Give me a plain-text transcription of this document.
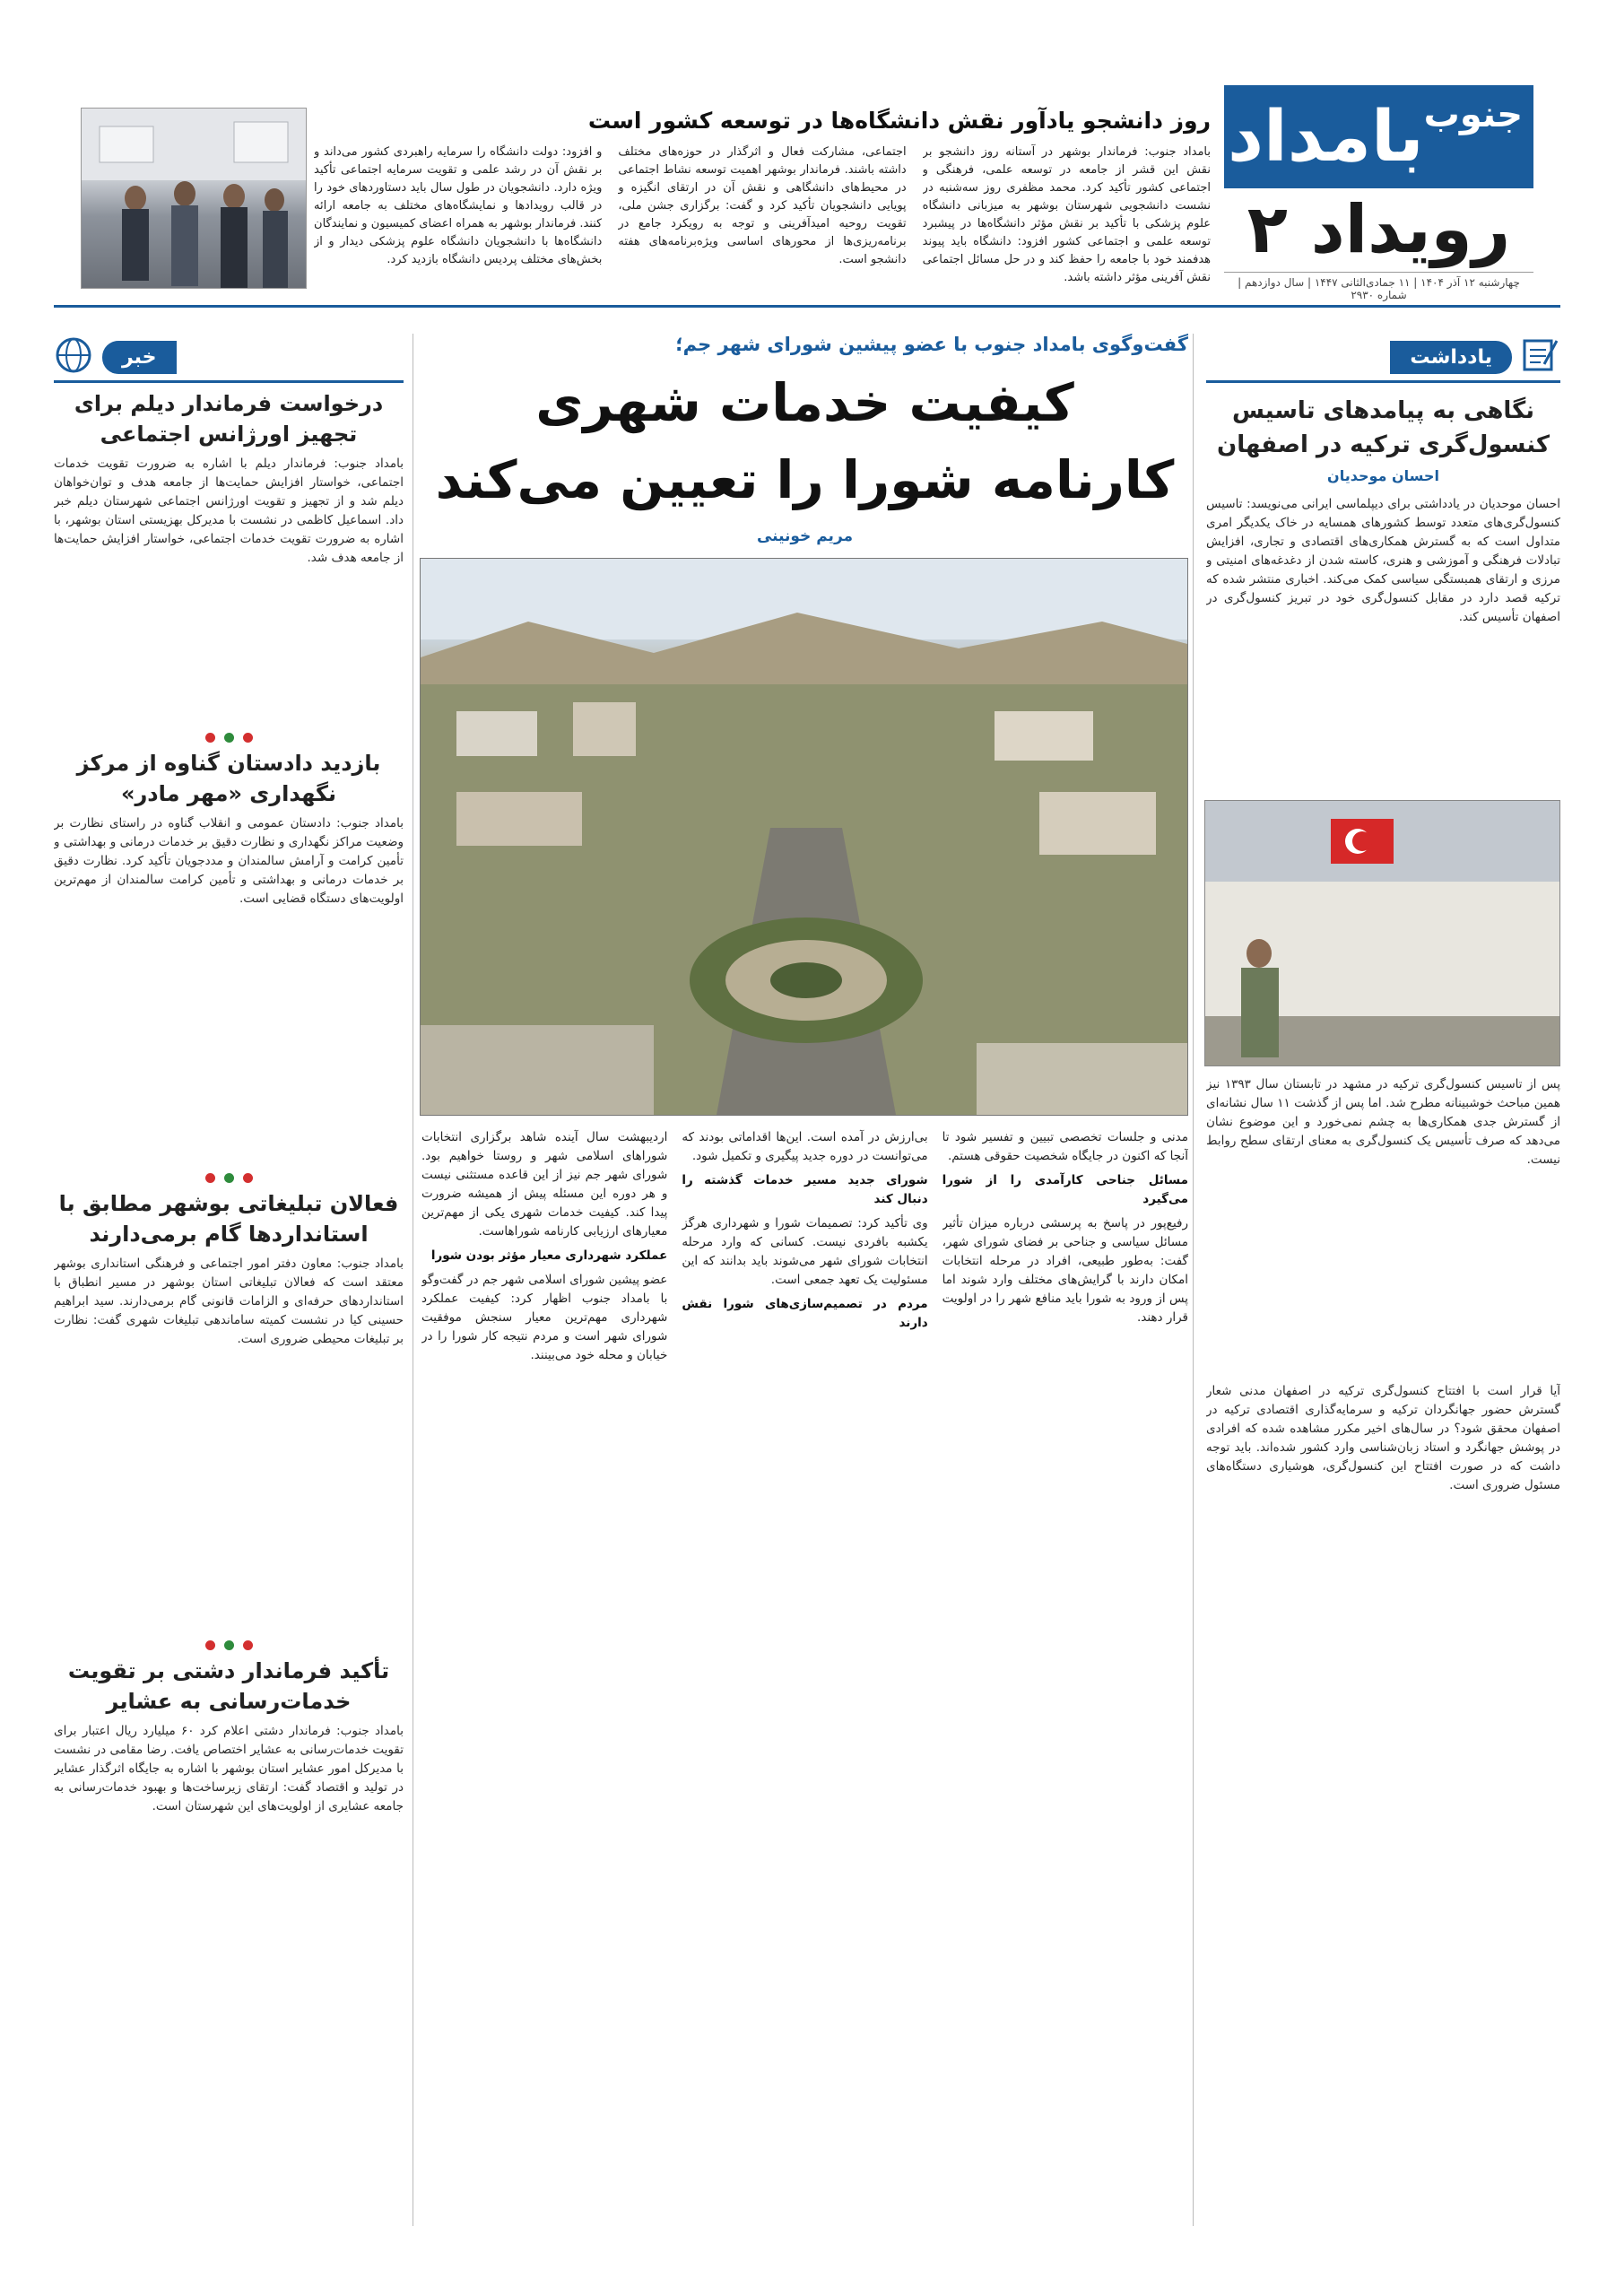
جنوب
بامداد
رویداد ۲
چهارشنبه ۱۲ آذر ۱۴۰۴ | ۱۱ جمادی‌الثانی ۱۴۴۷ | سال دوازدهم | شماره ۲۹۳۰
روز دانشجو یادآور نقش دانشگاه‌ها در توسعه کشور است
بامداد جنوب: فرماندار بوشهر در آستانه روز دانشجو بر نقش این قشر از جامعه در توسعه علمی، فرهنگی و اجتماعی کشور تأکید کرد. محمد مظفری روز سه‌شنبه در نشست دانشجویی شهرستان بوشهر به میزبانی دانشگاه علوم پزشکی با تأکید بر نقش مؤثر دانشگاه‌ها در پیشبرد توسعه علمی و اجتماعی کشور افزود: دانشگاه باید پیوند هدفمند خود با جامعه را حفظ کند و در حل مسائل اجتماعی نقش آفرینی مؤثر داشته باشد.
اجتماعی، مشارکت فعال و اثرگذار در حوزه‌های مختلف داشته باشند. فرماندار بوشهر اهمیت توسعه نشاط اجتماعی در محیط‌های دانشگاهی و نقش آن در ارتقای انگیزه و پویایی دانشجویان تأکید کرد و گفت: برگزاری جشن ملی، تقویت روحیه امیدآفرینی و توجه به رویکرد جامع در برنامه‌ریزی‌ها از محورهای اساسی ویژه‌برنامه‌های هفته دانشجو است.
و افزود: دولت دانشگاه را سرمایه راهبردی کشور می‌داند و بر نقش آن در رشد علمی و تقویت سرمایه اجتماعی تأکید ویژه دارد. دانشجویان در طول سال باید دستاوردهای خود را در قالب رویدادها و نمایشگاه‌های مختلف به جامعه ارائه کنند. فرماندار بوشهر به همراه اعضای کمیسیون و نمایندگان دانشگاه‌ها با دانشجویان دانشگاه علوم پزشکی دیدار و از بخش‌های مختلف پردیس دانشگاه بازدید کرد.
یادداشت
نگاهی به پیامدهای تاسیس کنسول‌گری ترکیه در اصفهان
احسان موحدیان
احسان موحدیان در یادداشتی برای دیپلماسی ایرانی می‌نویسد: تاسیس کنسول‌گری‌های متعدد توسط کشورهای همسایه در خاک یکدیگر امری متداول است که به گسترش همکاری‌های اقتصادی و تجاری، افزایش تبادلات فرهنگی و آموزشی و هنری، کاسته شدن از دغدغه‌های امنیتی و مرزی و ارتقای همبستگی سیاسی کمک می‌کند. اخباری منتشر شده که ترکیه قصد دارد در مقابل کنسول‌گری خود در تبریز کنسول‌گری در اصفهان تأسیس کند.
پس از تاسیس کنسول‌گری ترکیه در مشهد در تابستان سال ۱۳۹۳ نیز همین مباحث خوشبینانه مطرح شد. اما پس از گذشت ۱۱ سال نشانه‌ای از گسترش جدی همکاری‌ها به چشم نمی‌خورد و این موضوع نشان می‌دهد که صرف تأسیس یک کنسول‌گری به معنای ارتقای سطح روابط نیست.
آیا قرار است با افتتاح کنسول‌گری ترکیه در اصفهان مدنی شعار گسترش حضور جهانگردان ترکیه و سرمایه‌گذاری اقتصادی ترکیه در اصفهان محقق شود؟ در سال‌های اخیر مکرر مشاهده شده که افرادی در پوشش جهانگرد و استاد زبان‌شناسی وارد کشور شده‌اند. باید توجه داشت که در صورت افتتاح این کنسول‌گری، هوشیاری دستگاه‌های مسئول ضروری است.
گفت‌وگوی بامداد جنوب با عضو پیشین شورای شهر جم؛
کیفیت خدمات شهری
کارنامه شورا را تعیین می‌کند
مریم خونینی
مدنی و جلسات تخصصی تبیین و تفسیر شود تا آنجا که اکنون در جایگاه شخصیت حقوقی هستم.
مسائل جناحی کارآمدی را از شورا می‌گیرد
رفیع‌پور در پاسخ به پرسشی درباره میزان تأثیر مسائل سیاسی و جناحی بر فضای شورای شهر، گفت: به‌طور طبیعی، افراد در مرحله انتخابات امکان دارند با گرایش‌های مختلف وارد شوند اما پس از ورود به شورا باید منافع شهر را در اولویت قرار دهند.
بی‌ارزش در آمده است. این‌ها اقداماتی بودند که می‌توانست در دوره جدید پیگیری و تکمیل شود.
شورای جدید مسیر خدمات گذشته را دنبال کند
وی تأکید کرد: تصمیمات شورا و شهرداری هرگز یکشبه بافردی نیست. کسانی که وارد مرحله انتخابات شورای شهر می‌شوند باید بدانند که این مسئولیت یک تعهد جمعی است.
مردم در تصمیم‌سازی‌های شورا نقش دارند
اردیبهشت سال آینده شاهد برگزاری انتخابات شوراهای اسلامی شهر و روستا خواهیم بود. شورای شهر جم نیز از این قاعده مستثنی نیست و هر دوره این مسئله پیش از همیشه ضرورت پیدا کند. کیفیت خدمات شهری یکی از مهم‌ترین معیارهای ارزیابی کارنامه شوراهاست.
عملکرد شهرداری معیار مؤثر بودن شورا
عضو پیشین شورای اسلامی شهر جم در گفت‌وگو با بامداد جنوب اظهار کرد: کیفیت عملکرد شهرداری مهم‌ترین معیار سنجش موفقیت شورای شهر است و مردم نتیجه کار شورا را در خیابان و محله خود می‌بینند.
خبر
درخواست فرماندار دیلم برای تجهیز اورژانس اجتماعی
بامداد جنوب: فرماندار دیلم با اشاره به ضرورت تقویت خدمات اجتماعی، خواستار افزایش حمایت‌ها از جامعه هدف و توان‌خواهان دیلم شد و از تجهیز و تقویت اورژانس اجتماعی شهرستان دیلم خبر داد. اسماعیل کاظمی در نشست با مدیرکل بهزیستی استان بوشهر، با اشاره به ضرورت تقویت خدمات اجتماعی، خواستار افزایش حمایت‌ها از جامعه هدف شد.
بازدید دادستان گناوه از مرکز نگهداری «مهر مادر»
بامداد جنوب: دادستان عمومی و انقلاب گناوه در راستای نظارت بر وضعیت مراکز نگهداری و نظارت دقیق بر خدمات درمانی و بهداشتی و تأمین کرامت و آرامش سالمندان و مددجویان تأکید کرد. نظارت دقیق بر خدمات درمانی و بهداشتی و تأمین کرامت سالمندان از مهم‌ترین اولویت‌های دستگاه قضایی است.
فعالان تبلیغاتی بوشهر مطابق با استانداردها گام برمی‌دارند
بامداد جنوب: معاون دفتر امور اجتماعی و فرهنگی استانداری بوشهر معتقد است که فعالان تبلیغاتی استان بوشهر در مسیر انطباق با استانداردهای حرفه‌ای و الزامات قانونی گام برمی‌دارند. سید ابراهیم حسینی کیا در نشست کمیته ساماندهی تبلیغات شهری گفت: نظارت بر تبلیغات محیطی ضروری است.
تأکید فرماندار دشتی بر تقویت خدمات‌رسانی به عشایر
بامداد جنوب: فرماندار دشتی اعلام کرد ۶۰ میلیارد ریال اعتبار برای تقویت خدمات‌رسانی به عشایر اختصاص یافت. رضا مقامی در نشست با مدیرکل امور عشایر استان بوشهر با اشاره به جایگاه اثرگذار عشایر در تولید و اقتصاد گفت: ارتقای زیرساخت‌ها و بهبود خدمات‌رسانی به جامعه عشایری از اولویت‌های این شهرستان است.
